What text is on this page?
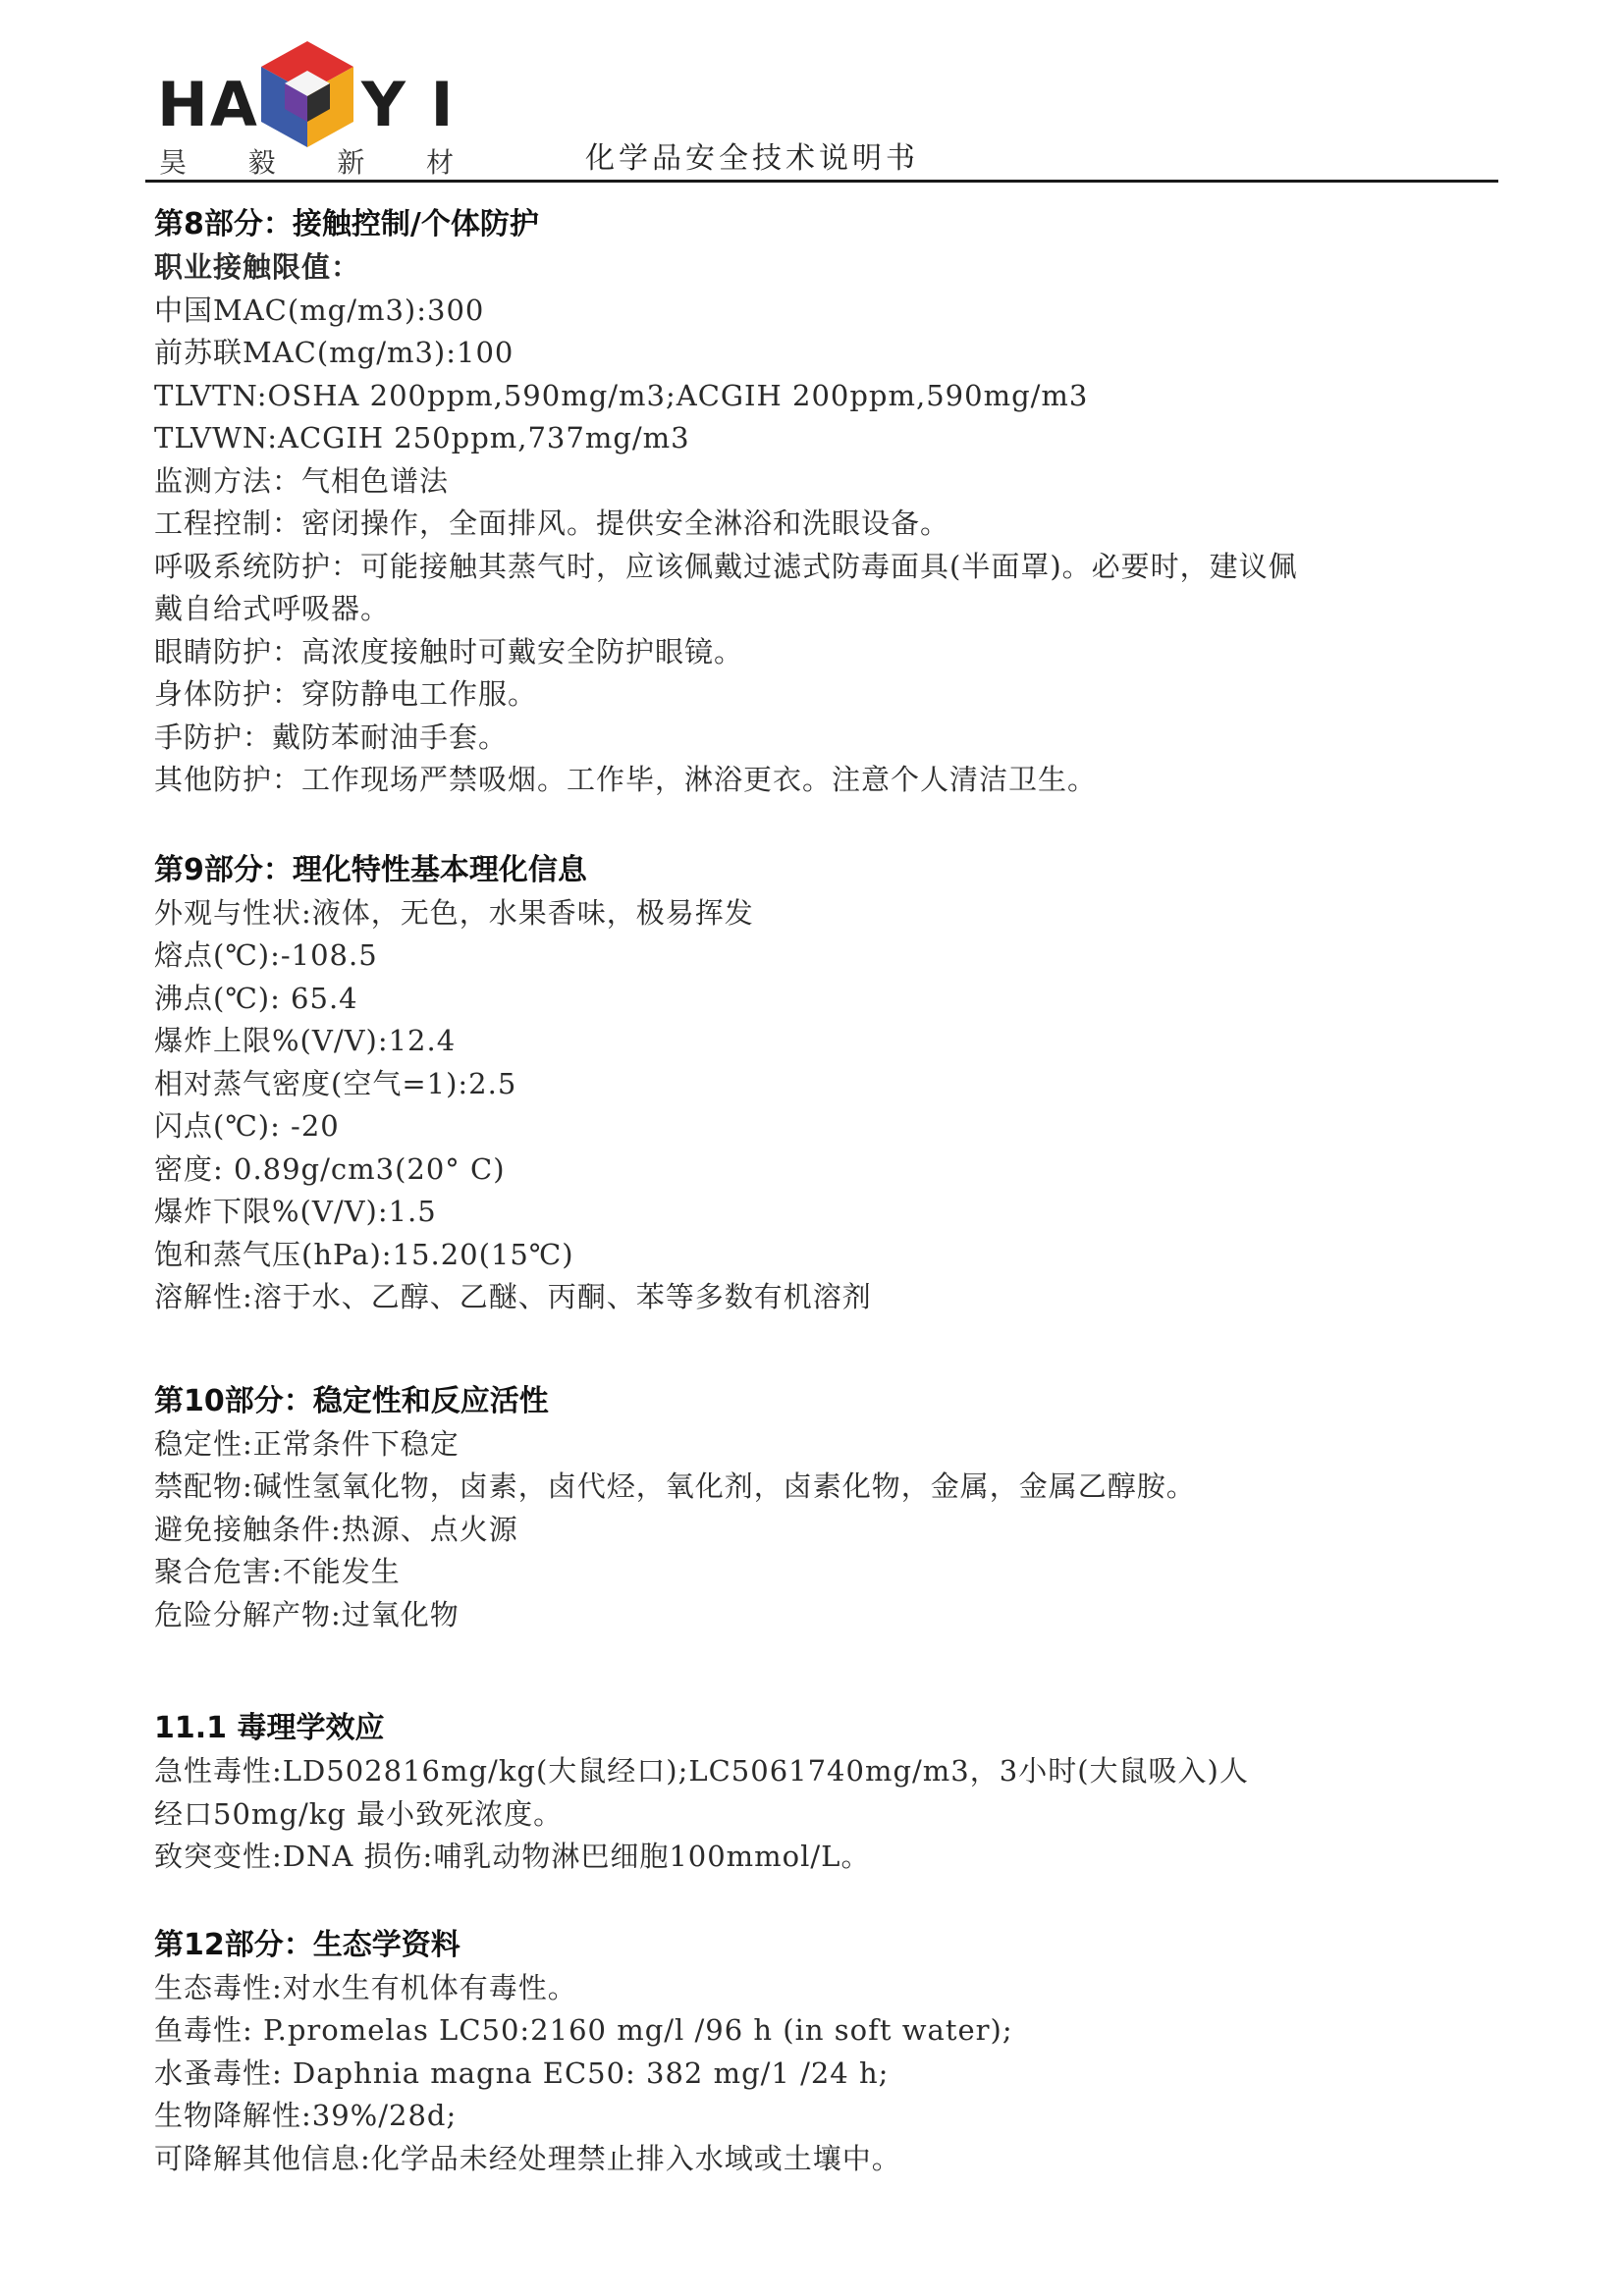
HA Y I
昊 毅 新 材	化学品安全技术说明书
第8部分：接触控制/个体防护
职业接触限值：
中国MAC(mg/m3):300
前苏联MAC(mg/m3):100
TLVTN:OSHA 200ppm,590mg/m3;ACGIH 200ppm,590mg/m3
TLVWN:ACGIH 250ppm,737mg/m3
监测方法：气相色谱法
工程控制：密闭操作，全面排风。提供安全淋浴和洗眼设备。
呼吸系统防护：可能接触其蒸气时，应该佩戴过滤式防毒面具(半面罩)。必要时，建议佩
戴自给式呼吸器。
眼睛防护：高浓度接触时可戴安全防护眼镜。
身体防护：穿防静电工作服。
手防护：戴防苯耐油手套。
其他防护：工作现场严禁吸烟。工作毕，淋浴更衣。注意个人清洁卫生。
第9部分：理化特性基本理化信息
外观与性状:液体，无色，水果香味，极易挥发
熔点(℃):-108.5
沸点(℃): 65.4
爆炸上限%(V/V):12.4
相对蒸气密度(空气=1):2.5
闪点(℃): -20
密度: 0.89g/cm3(20° C)
爆炸下限%(V/V):1.5
饱和蒸气压(hPa):15.20(15℃)
溶解性:溶于水、乙醇、乙醚、丙酮、苯等多数有机溶剂
第10部分：稳定性和反应活性
稳定性:正常条件下稳定
禁配物:碱性氢氧化物，卤素，卤代烃，氧化剂，卤素化物，金属，金属乙醇胺。
避免接触条件:热源、点火源
聚合危害:不能发生
危险分解产物:过氧化物
11.1 毒理学效应
急性毒性:LD502816mg/kg(大鼠经口);LC5061740mg/m3，3小时(大鼠吸入)人
经口50mg/kg 最小致死浓度。
致突变性:DNA 损伤:哺乳动物淋巴细胞100mmol/L。
第12部分：生态学资料
生态毒性:对水生有机体有毒性。
鱼毒性: P.promelas LC50:2160 mg/l /96 h (in soft water);
水蚤毒性: Daphnia magna EC50: 382 mg/1 /24 h;
生物降解性:39%/28d;
可降解其他信息:化学品未经处理禁止排入水域或土壤中。
